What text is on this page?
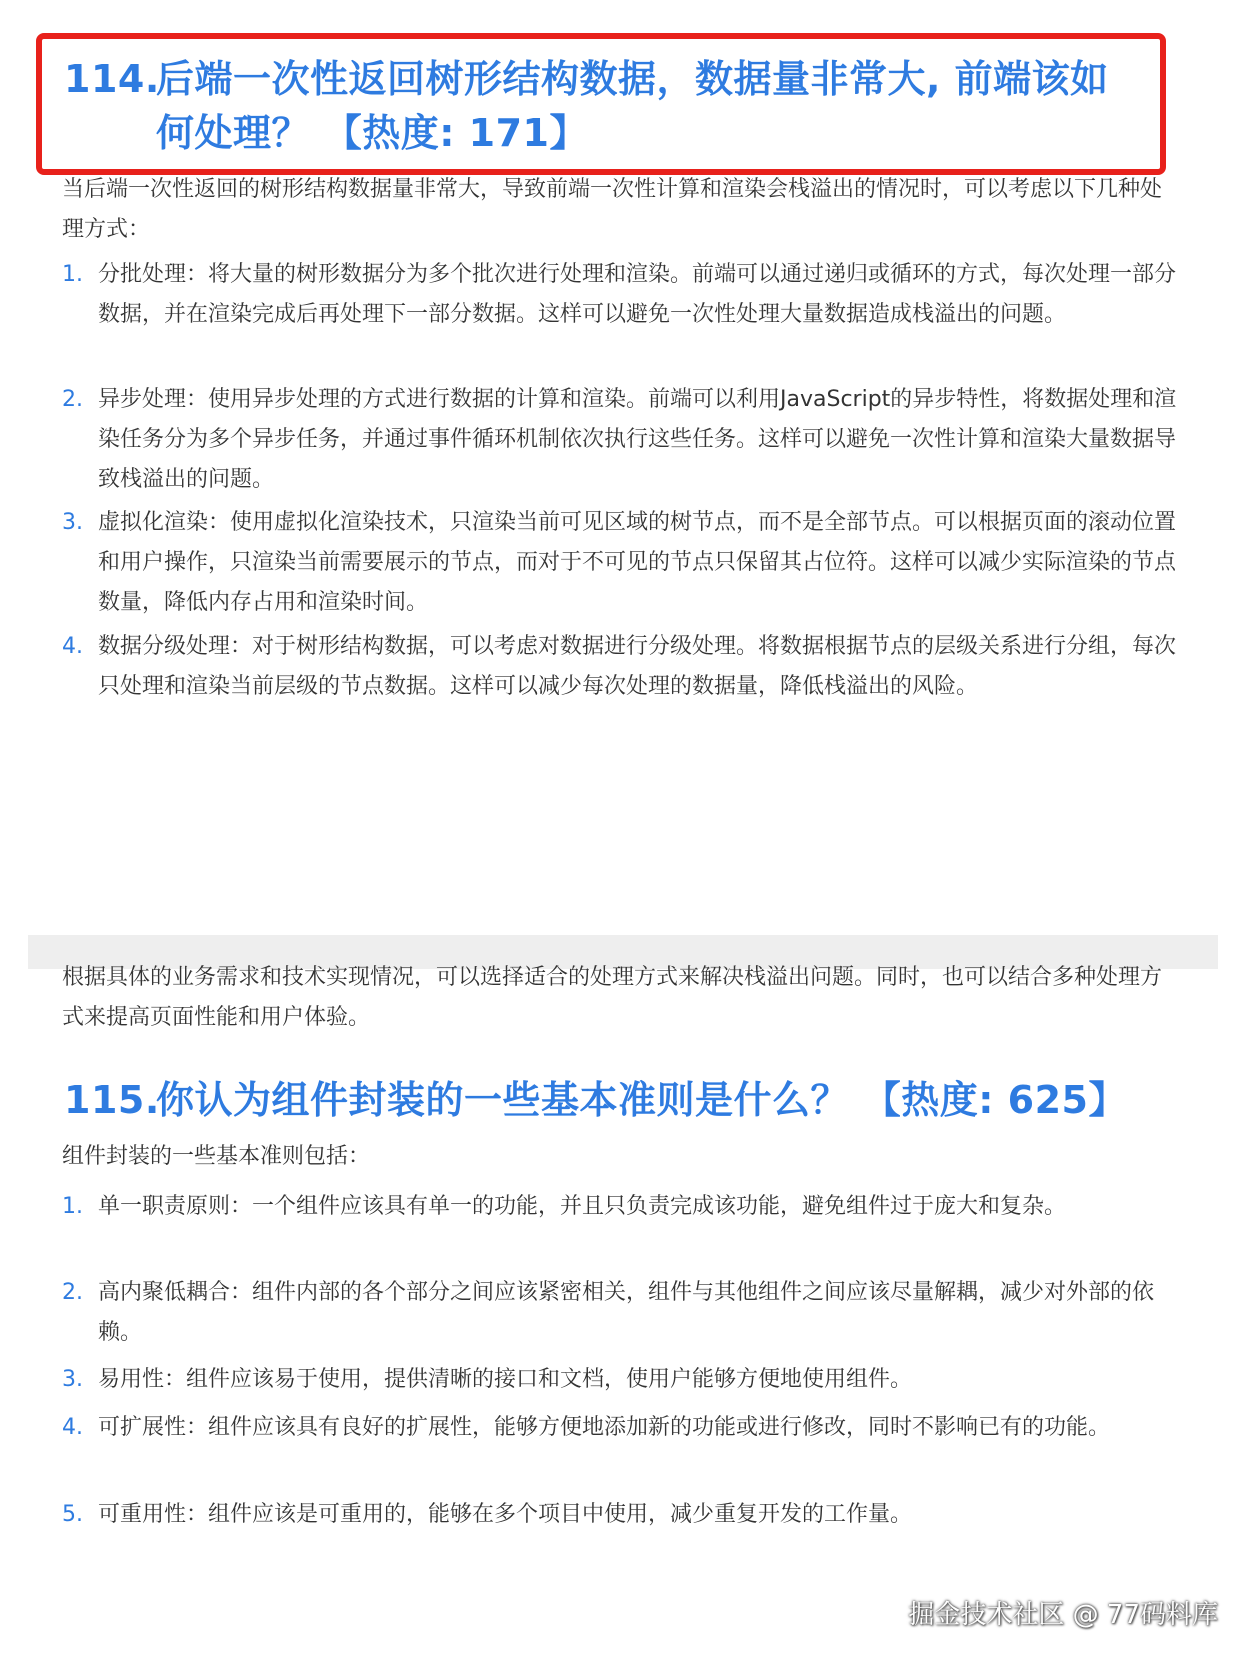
114.
后端一次性返回树形结构数据，数据量非常大, 前端该如何处理？ 【热度: 171】

当后端一次性返回的树形结构数据量非常大，导致前端一次性计算和渲染会栈溢出的情况时，可以考虑以下几种处理方式：

1. 分批处理：将大量的树形数据分为多个批次进行处理和渲染。前端可以通过递归或循环的方式，每次处理一部分数据，并在渲染完成后再处理下一部分数据。这样可以避免一次性处理大量数据造成栈溢出的问题。
2. 异步处理：使用异步处理的方式进行数据的计算和渲染。前端可以利用JavaScript的异步特性，将数据处理和渲染任务分为多个异步任务，并通过事件循环机制依次执行这些任务。这样可以避免一次性计算和渲染大量数据导致栈溢出的问题。
3. 虚拟化渲染：使用虚拟化渲染技术，只渲染当前可见区域的树节点，而不是全部节点。可以根据页面的滚动位置和用户操作，只渲染当前需要展示的节点，而对于不可见的节点只保留其占位符。这样可以减少实际渲染的节点数量，降低内存占用和渲染时间。
4. 数据分级处理：对于树形结构数据，可以考虑对数据进行分级处理。将数据根据节点的层级关系进行分组，每次只处理和渲染当前层级的节点数据。这样可以减少每次处理的数据量，降低栈溢出的风险。

根据具体的业务需求和技术实现情况，可以选择适合的处理方式来解决栈溢出问题。同时，也可以结合多种处理方式来提高页面性能和用户体验。

115.
你认为组件封装的一些基本准则是什么？ 【热度: 625】

组件封装的一些基本准则包括：

1. 单一职责原则：一个组件应该具有单一的功能，并且只负责完成该功能，避免组件过于庞大和复杂。
2. 高内聚低耦合：组件内部的各个部分之间应该紧密相关，组件与其他组件之间应该尽量解耦，减少对外部的依赖。
3. 易用性：组件应该易于使用，提供清晰的接口和文档，使用户能够方便地使用组件。
4. 可扩展性：组件应该具有良好的扩展性，能够方便地添加新的功能或进行修改，同时不影响已有的功能。
5. 可重用性：组件应该是可重用的，能够在多个项目中使用，减少重复开发的工作量。
掘金技术社区 @ 77码料库
